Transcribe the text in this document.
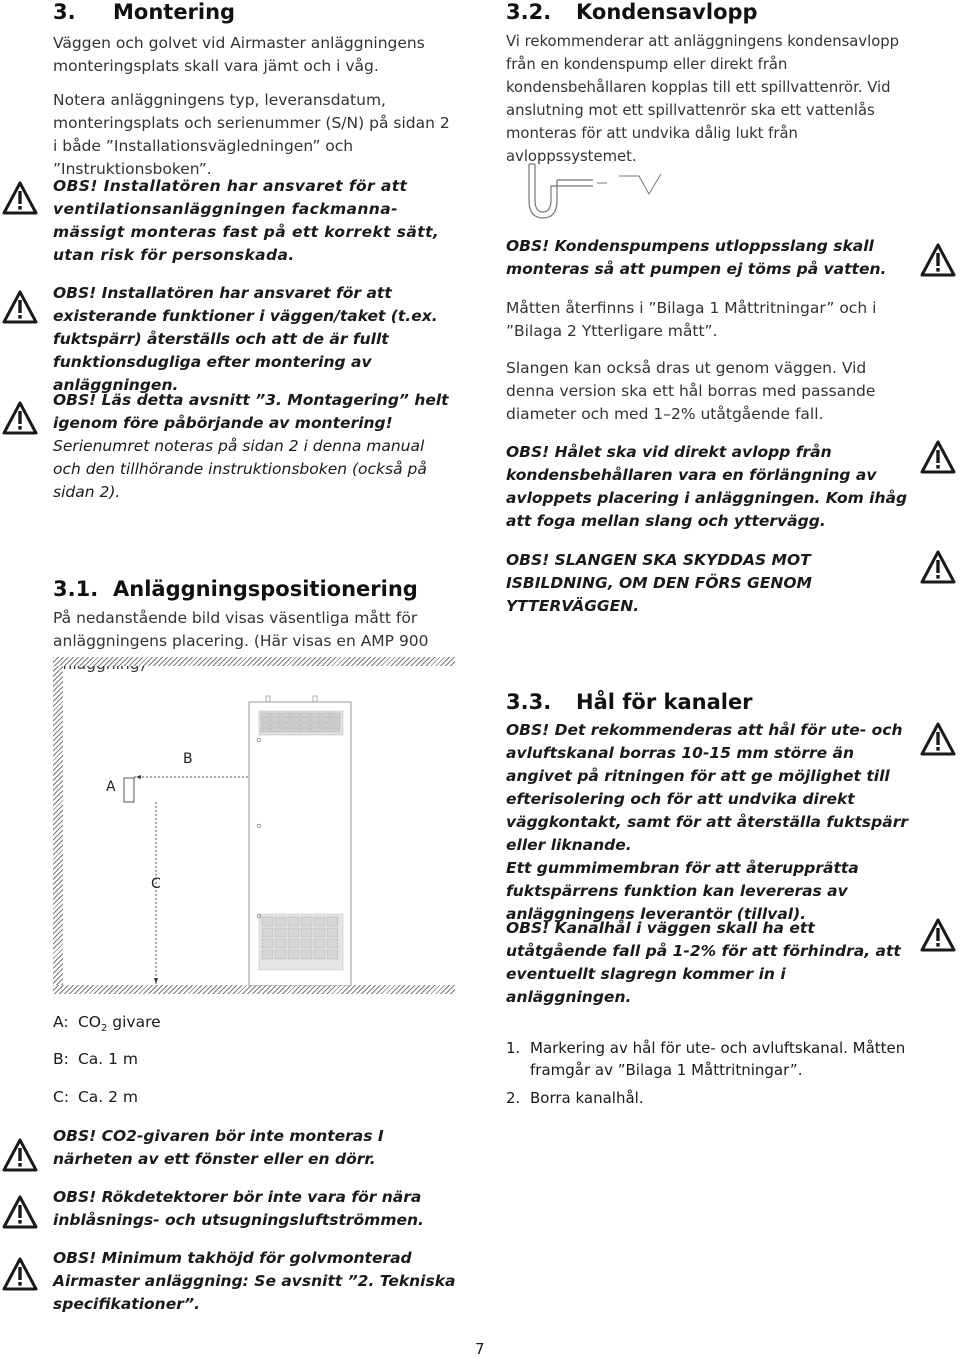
3. Montering

Väggen och golvet vid Airmaster anläggningens monteringsplats skall vara jämt och i våg.

Notera anläggningens typ, leveransdatum, monteringsplats och serienummer (S/N) på sidan 2 i både ”Installationsvägledningen” och ”Instruktionsboken”.

OBS! Installatören har ansvaret för att ventilationsanläggningen fackmanna-mässigt monteras fast på ett korrekt sätt, utan risk för personskada.

OBS! Installatören har ansvaret för att existerande funktioner i väggen/taket (t.ex. fuktspärr) återställs och att de är fullt funktionsdugliga efter montering av anläggningen.

OBS! Läs detta avsnitt ”3. Montagering” helt igenom före påbörjande av montering! Serienumret noteras på sidan 2 i denna manual och den tillhörande instruktionsboken (också på sidan 2).

3.1. Anläggningspositionering

På nedanstående bild visas väsentliga mått för anläggningens placering. (Här visas en AMP 900

A
B
C
A: $CO_2$ givare
B: Ca. 1 m
C: Ca. 2 m

OBS! CO2-givaren bör inte monteras I närheten av ett fönster eller en dörr.

OBS! Rökdetektorer bör inte vara för nära inblåsnings- och utsugningsluftströmmen.

OBS! Minimum takhöjd för golvmonterad Airmaster anläggning: Se avsnitt ”2. Tekniska specifikationer”.

3.2. Kondensavlopp

Vi rekommenderar att anläggningens kondensavlopp från en kondenspump eller direkt från kondensbehållaren kopplas till ett spillvattenrör. Vid anslutning mot ett spillvattenrör ska ett vattenlås monteras för att undvika dålig lukt från avloppssystemet.

OBS! Kondenspumpens utloppsslang skall monteras så att pumpen ej töms på vatten.

Måtten återfinns i ”Bilaga 1 Måttritningar” och i ”Bilaga 2 Ytterligare mått”.

Slangen kan också dras ut genom väggen. Vid denna version ska ett hål borras med passande diameter och med 1–2% utåtgående fall.

OBS! Hålet ska vid direkt avlopp från kondensbehållaren vara en förlängning av avloppets placering i anläggningen. Kom ihåg att foga mellan slang och yttervägg.

OBS! SLANGEN SKA SKYDDAS MOT ISBILDNING, OM DEN FÖRS GENOM YTTERVÄGGEN.

3.3. Hål för kanaler

OBS! Det rekommenderas att hål för ute- och avluftskanal borras 10-15 mm större än angivet på ritningen för att ge möjlighet till efterisolering och för att undvika direkt väggkontakt, samt för att återställa fuktspärr eller liknande.

Ett gummimembran för att återupprätta fuktspärrens funktion kan levereras av anläggningens leverantör (tillval).

OBS! Kanalhål i väggen skall ha ett utåtgående fall på 1-2% för att förhindra, att eventuellt slagregn kommer in i anläggningen.

1. Markering av hål för ute- och avluftskanal. Måtten framgår av ”Bilaga 1 Måttritningar”.
2. Borra kanalhål.
7
